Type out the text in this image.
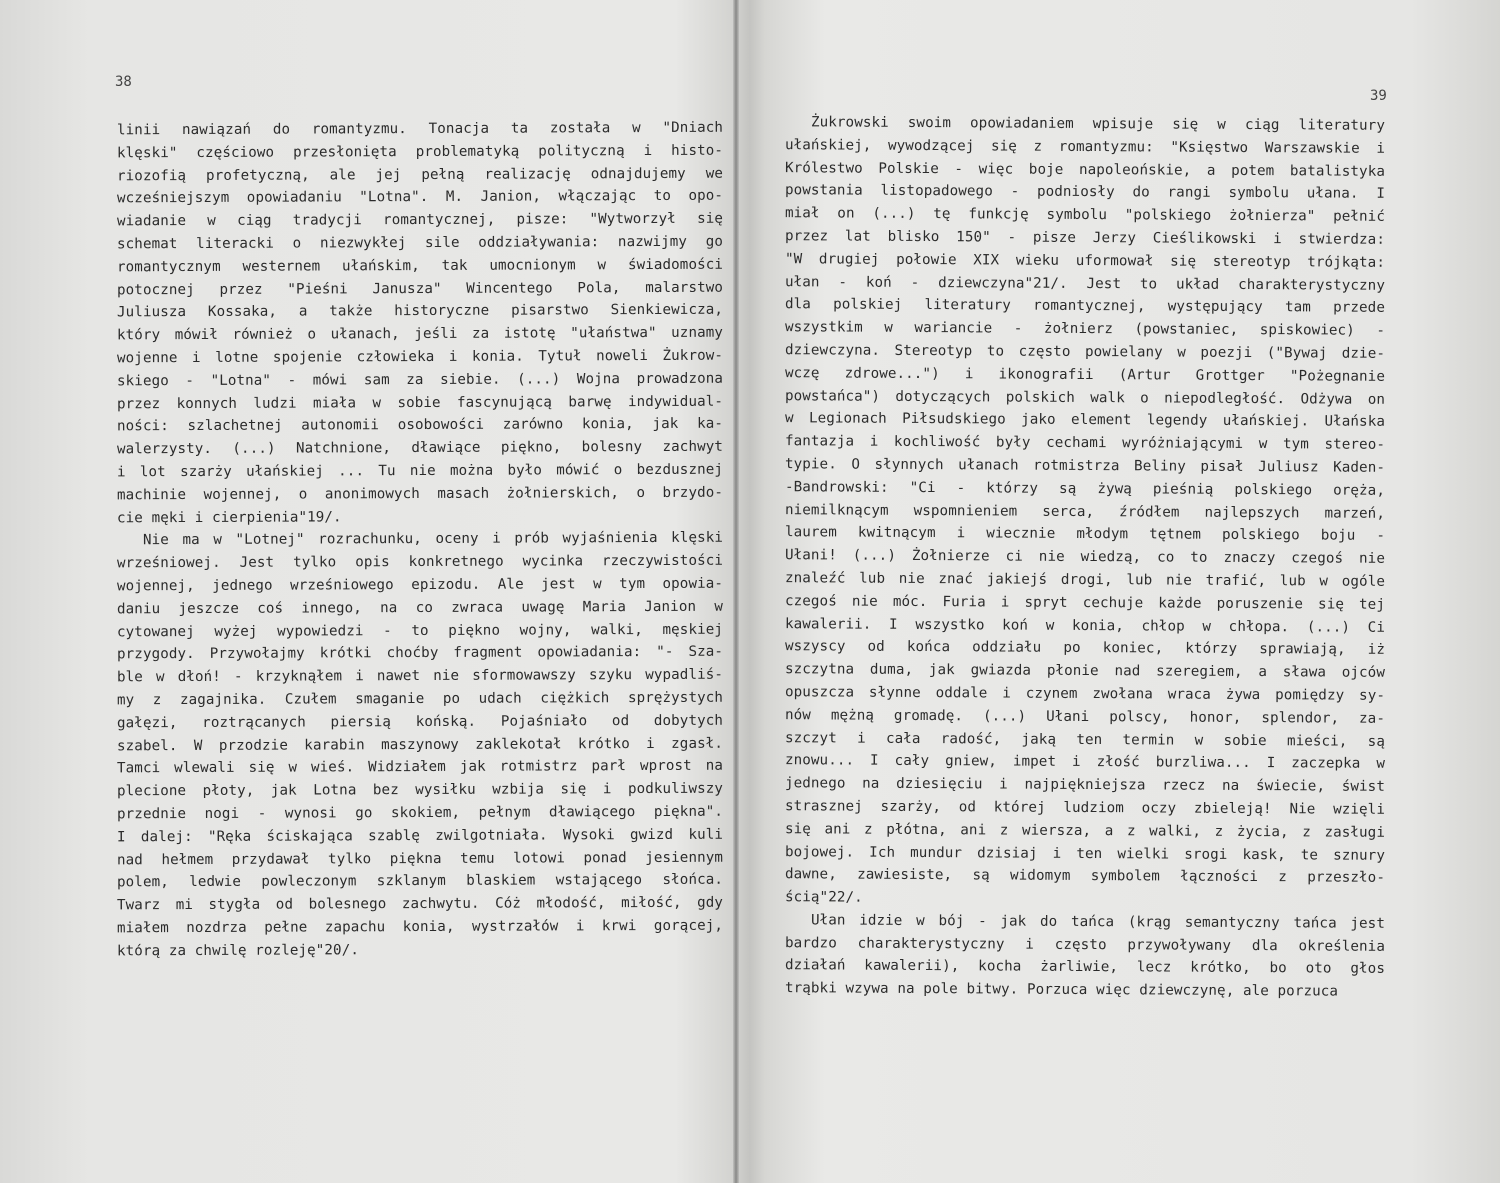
38
linii nawiązań do romantyzmu. Tonacja ta została w "Dniach
klęski" częściowo przesłonięta problematyką polityczną i histo-
riozofią profetyczną, ale jej pełną realizację odnajdujemy we
wcześniejszym opowiadaniu "Lotna". M. Janion, włączając to opo-
wiadanie w ciąg tradycji romantycznej, pisze: "Wytworzył się
schemat literacki o niezwykłej sile oddziaływania: nazwijmy go
romantycznym westernem ułańskim, tak umocnionym w świadomości
potocznej przez "Pieśni Janusza" Wincentego Pola, malarstwo
Juliusza Kossaka, a także historyczne pisarstwo Sienkiewicza,
który mówił również o ułanach, jeśli za istotę "ułaństwa" uznamy
wojenne i lotne spojenie człowieka i konia. Tytuł noweli Żukrow-
skiego - "Lotna" - mówi sam za siebie. (...) Wojna prowadzona
przez konnych ludzi miała w sobie fascynującą barwę indywidual-
ności: szlachetnej autonomii osobowości zarówno konia, jak ka-
walerzysty. (...) Natchnione, dławiące piękno, bolesny zachwyt
i lot szarży ułańskiej ... Tu nie można było mówić o bezdusznej
machinie wojennej, o anonimowych masach żołnierskich, o brzydo-
cie męki i cierpienia"19/.
Nie ma w "Lotnej" rozrachunku, oceny i prób wyjaśnienia klęski
wrześniowej. Jest tylko opis konkretnego wycinka rzeczywistości
wojennej, jednego wrześniowego epizodu. Ale jest w tym opowia-
daniu jeszcze coś innego, na co zwraca uwagę Maria Janion w
cytowanej wyżej wypowiedzi - to piękno wojny, walki, męskiej
przygody. Przywołajmy krótki choćby fragment opowiadania: "- Sza-
ble w dłoń! - krzyknąłem i nawet nie sformowawszy szyku wypadliś-
my z zagajnika. Czułem smaganie po udach ciężkich sprężystych
gałęzi, roztrącanych piersią końską. Pojaśniało od dobytych
szabel. W przodzie karabin maszynowy zaklekotał krótko i zgasł.
Tamci wlewali się w wieś. Widziałem jak rotmistrz parł wprost na
plecione płoty, jak Lotna bez wysiłku wzbija się i podkuliwszy
przednie nogi - wynosi go skokiem, pełnym dławiącego piękna".
I dalej: "Ręka ściskająca szablę zwilgotniała. Wysoki gwizd kuli
nad hełmem przydawał tylko piękna temu lotowi ponad jesiennym
polem, ledwie powleczonym szklanym blaskiem wstającego słońca.
Twarz mi stygła od bolesnego zachwytu. Cóż młodość, miłość, gdy
miałem nozdrza pełne zapachu konia, wystrzałów i krwi gorącej,
którą za chwilę rozleję"20/.
39
Żukrowski swoim opowiadaniem wpisuje się w ciąg literatury
ułańskiej, wywodzącej się z romantyzmu: "Księstwo Warszawskie i
Królestwo Polskie - więc boje napoleońskie, a potem batalistyka
powstania listopadowego - podniosły do rangi symbolu ułana. I
miał on (...) tę funkcję symbolu "polskiego żołnierza" pełnić
przez lat blisko 150" - pisze Jerzy Cieślikowski i stwierdza:
"W drugiej połowie XIX wieku uformował się stereotyp trójkąta:
ułan - koń - dziewczyna"21/. Jest to układ charakterystyczny
dla polskiej literatury romantycznej, występujący tam przede
wszystkim w wariancie - żołnierz (powstaniec, spiskowiec) -
dziewczyna. Stereotyp to często powielany w poezji ("Bywaj dzie-
wczę zdrowe...") i ikonografii (Artur Grottger "Pożegnanie
powstańca") dotyczących polskich walk o niepodległość. Odżywa on
w Legionach Piłsudskiego jako element legendy ułańskiej. Ułańska
fantazja i kochliwość były cechami wyróżniającymi w tym stereo-
typie. O słynnych ułanach rotmistrza Beliny pisał Juliusz Kaden-
-Bandrowski: "Ci - którzy są żywą pieśnią polskiego oręża,
niemilknącym wspomnieniem serca, źródłem najlepszych marzeń,
laurem kwitnącym i wiecznie młodym tętnem polskiego boju -
Ułani! (...) Żołnierze ci nie wiedzą, co to znaczy czegoś nie
znaleźć lub nie znać jakiejś drogi, lub nie trafić, lub w ogóle
czegoś nie móc. Furia i spryt cechuje każde poruszenie się tej
kawalerii. I wszystko koń w konia, chłop w chłopa. (...) Ci
wszyscy od końca oddziału po koniec, którzy sprawiają, iż
szczytna duma, jak gwiazda płonie nad szeregiem, a sława ojców
opuszcza słynne oddale i czynem zwołana wraca żywa pomiędzy sy-
nów mężną gromadę. (...) Ułani polscy, honor, splendor, za-
szczyt i cała radość, jaką ten termin w sobie mieści, są
znowu... I cały gniew, impet i złość burzliwa... I zaczepka w
jednego na dziesięciu i najpiękniejsza rzecz na świecie, świst
strasznej szarży, od której ludziom oczy zbieleją! Nie wzięli
się ani z płótna, ani z wiersza, a z walki, z życia, z zasługi
bojowej. Ich mundur dzisiaj i ten wielki srogi kask, te sznury
dawne, zawiesiste, są widomym symbolem łączności z przeszło-
ścią"22/.
Ułan idzie w bój - jak do tańca (krąg semantyczny tańca jest
bardzo charakterystyczny i często przywoływany dla określenia
działań kawalerii), kocha żarliwie, lecz krótko, bo oto głos
trąbki wzywa na pole bitwy. Porzuca więc dziewczynę, ale porzuca
